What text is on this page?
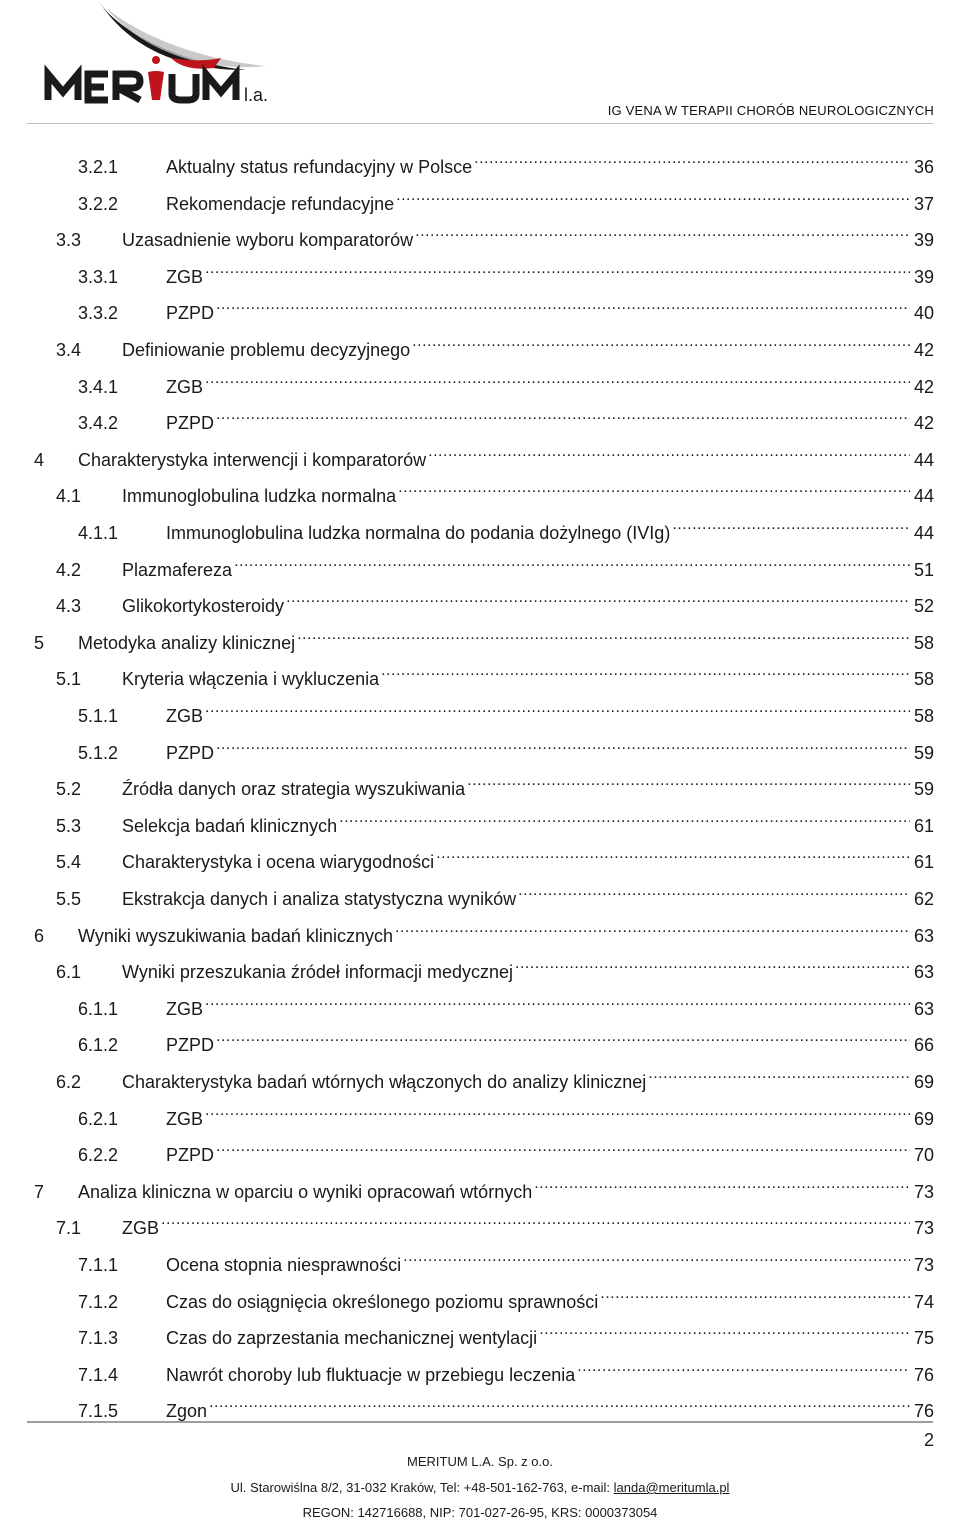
l.a.
IG VENA W TERAPII CHORÓB NEUROLOGICZNYCH
3.2.1	Aktualny status refundacyjny w Polsce .....	36
3.2.2	Rekomendacje refundacyjne .....	37
3.3	Uzasadnienie wyboru komparatorów .....	39
3.3.1	ZGB .....	39
3.3.2	PZPD .....	40
3.4	Definiowanie problemu decyzyjnego .....	42
3.4.1	ZGB .....	42
3.4.2	PZPD .....	42
4	Charakterystyka interwencji i komparatorów .....	44
4.1	Immunoglobulina ludzka normalna .....	44
4.1.1	Immunoglobulina ludzka normalna do podania dożylnego (IVIg) .....	44
4.2	Plazmafereza .....	51
4.3	Glikokortykosteroidy .....	52
5	Metodyka analizy klinicznej .....	58
5.1	Kryteria włączenia i wykluczenia .....	58
5.1.1	ZGB .....	58
5.1.2	PZPD .....	59
5.2	Źródła danych oraz strategia wyszukiwania .....	59
5.3	Selekcja badań klinicznych .....	61
5.4	Charakterystyka i ocena wiarygodności .....	61
5.5	Ekstrakcja danych i analiza statystyczna wyników .....	62
6	Wyniki wyszukiwania badań klinicznych .....	63
6.1	Wyniki przeszukania źródeł informacji medycznej .....	63
6.1.1	ZGB .....	63
6.1.2	PZPD .....	66
6.2	Charakterystyka badań wtórnych włączonych do analizy klinicznej .....	69
6.2.1	ZGB .....	69
6.2.2	PZPD .....	70
7	Analiza kliniczna w oparciu o wyniki opracowań wtórnych .....	73
7.1	ZGB .....	73
7.1.1	Ocena stopnia niesprawności .....	73
7.1.2	Czas do osiągnięcia określonego poziomu sprawności .....	74
7.1.3	Czas do zaprzestania mechanicznej wentylacji .....	75
7.1.4	Nawrót choroby lub fluktuacje w przebiegu leczenia .....	76
7.1.5	Zgon .....	76
2
MERITUM L.A. Sp. z o.o.
Ul. Starowiślna 8/2, 31-032 Kraków, Tel: +48-501-162-763, e-mail: landa@meritumla.pl
REGON: 142716688, NIP: 701-027-26-95, KRS: 0000373054
